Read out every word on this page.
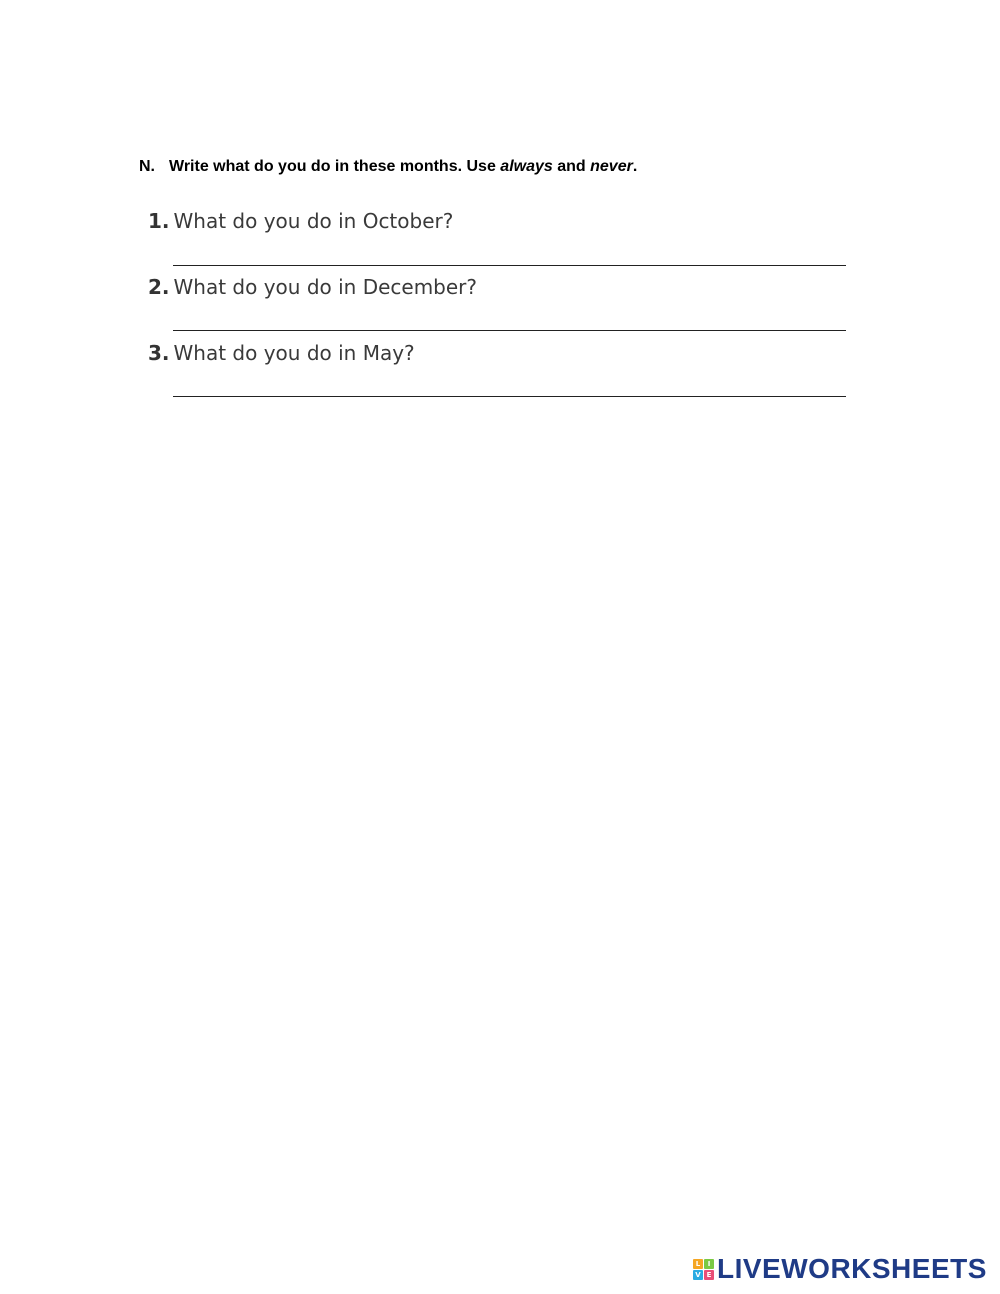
N. Write what do you do in these months. Use always and never.
1. What do you do in October?
2. What do you do in December?
3. What do you do in May?
L	I
V E LIVEWORKSHEETS
